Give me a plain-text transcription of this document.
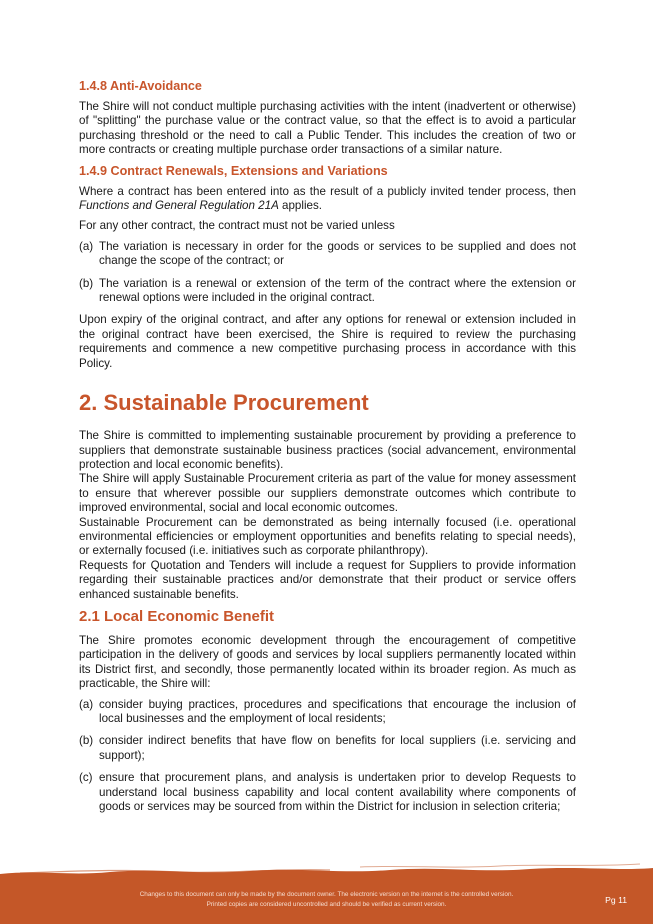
1.4.8 Anti-Avoidance

The Shire will not conduct multiple purchasing activities with the intent (inadvertent or otherwise) of "splitting" the purchase value or the contract value, so that the effect is to avoid a particular purchasing threshold or the need to call a Public Tender. This includes the creation of two or more contracts or creating multiple purchase order transactions of a similar nature.

1.4.9 Contract Renewals, Extensions and Variations

Where a contract has been entered into as the result of a publicly invited tender process, then Functions and General Regulation 21A applies.

For any other contract, the contract must not be varied unless

(a) The variation is necessary in order for the goods or services to be supplied and does not change the scope of the contract; or
(b) The variation is a renewal or extension of the term of the contract where the extension or renewal options were included in the original contract.

Upon expiry of the original contract, and after any options for renewal or extension included in the original contract have been exercised, the Shire is required to review the purchasing requirements and commence a new competitive purchasing process in accordance with this Policy.

2. Sustainable Procurement

The Shire is committed to implementing sustainable procurement by providing a preference to suppliers that demonstrate sustainable business practices (social advancement, environmental protection and local economic benefits).

The Shire will apply Sustainable Procurement criteria as part of the value for money assessment to ensure that wherever possible our suppliers demonstrate outcomes which contribute to improved environmental, social and local economic outcomes.

Sustainable Procurement can be demonstrated as being internally focused (i.e. operational environmental efficiencies or employment opportunities and benefits relating to special needs), or externally focused (i.e. initiatives such as corporate philanthropy).

Requests for Quotation and Tenders will include a request for Suppliers to provide information regarding their sustainable practices and/or demonstrate that their product or service offers enhanced sustainable benefits.

2.1 Local Economic Benefit

The Shire promotes economic development through the encouragement of competitive participation in the delivery of goods and services by local suppliers permanently located within its District first, and secondly, those permanently located within its broader region. As much as practicable, the Shire will:

(a) consider buying practices, procedures and specifications that encourage the inclusion of local businesses and the employment of local residents;
(b) consider indirect benefits that have flow on benefits for local suppliers (i.e. servicing and support);
(c) ensure that procurement plans, and analysis is undertaken prior to develop Requests to understand local business capability and local content availability where components of goods or services may be sourced from within the District for inclusion in selection criteria;
Changes to this document can only be made by the document owner. The electronic version on the internet is the controlled version.
Printed copies are considered uncontrolled and should be verified as current version.	Pg 11
